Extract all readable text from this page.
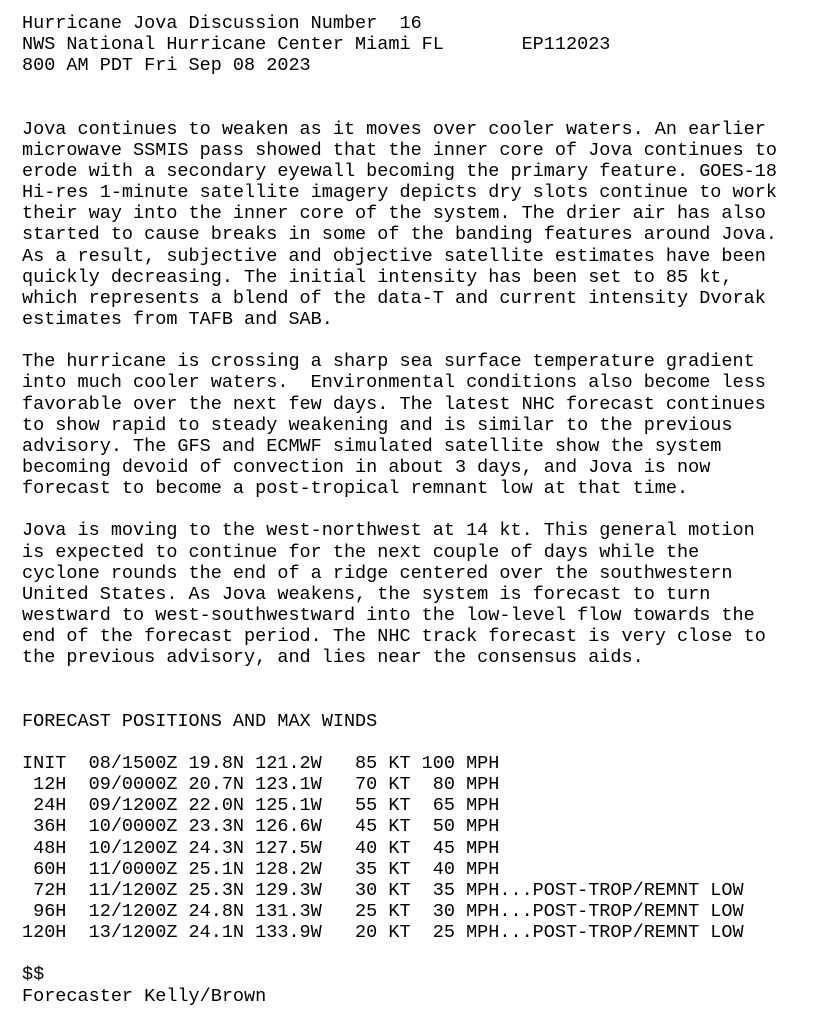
Hurricane Jova Discussion Number  16
NWS National Hurricane Center Miami FL       EP112023
800 AM PDT Fri Sep 08 2023
Jova continues to weaken as it moves over cooler waters. An earlier
microwave SSMIS pass showed that the inner core of Jova continues to
erode with a secondary eyewall becoming the primary feature. GOES-18
Hi-res 1-minute satellite imagery depicts dry slots continue to work
their way into the inner core of the system. The drier air has also
started to cause breaks in some of the banding features around Jova.
As a result, subjective and objective satellite estimates have been
quickly decreasing. The initial intensity has been set to 85 kt,
which represents a blend of the data-T and current intensity Dvorak
estimates from TAFB and SAB.
The hurricane is crossing a sharp sea surface temperature gradient
into much cooler waters.  Environmental conditions also become less
favorable over the next few days. The latest NHC forecast continues
to show rapid to steady weakening and is similar to the previous
advisory. The GFS and ECMWF simulated satellite show the system
becoming devoid of convection in about 3 days, and Jova is now
forecast to become a post-tropical remnant low at that time.
Jova is moving to the west-northwest at 14 kt. This general motion
is expected to continue for the next couple of days while the
cyclone rounds the end of a ridge centered over the southwestern
United States. As Jova weakens, the system is forecast to turn
westward to west-southwestward into the low-level flow towards the
end of the forecast period. The NHC track forecast is very close to
the previous advisory, and lies near the consensus aids.
FORECAST POSITIONS AND MAX WINDS
INIT  08/1500Z 19.8N 121.2W   85 KT 100 MPH
12H  09/0000Z 20.7N 123.1W   70 KT  80 MPH
24H  09/1200Z 22.0N 125.1W   55 KT  65 MPH
36H  10/0000Z 23.3N 126.6W   45 KT  50 MPH
48H  10/1200Z 24.3N 127.5W   40 KT  45 MPH
60H  11/0000Z 25.1N 128.2W   35 KT  40 MPH
72H  11/1200Z 25.3N 129.3W   30 KT  35 MPH...POST-TROP/REMNT LOW
96H  12/1200Z 24.8N 131.3W   25 KT  30 MPH...POST-TROP/REMNT LOW
120H  13/1200Z 24.1N 133.9W   20 KT  25 MPH...POST-TROP/REMNT LOW
$$
Forecaster Kelly/Brown
